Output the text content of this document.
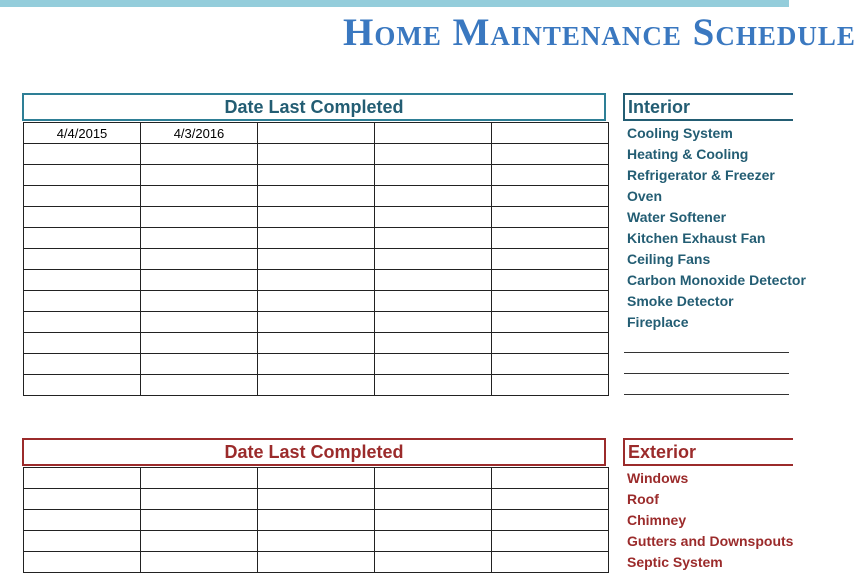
Home Maintenance Schedule
Date Last Completed
4/4/2015	4/3/2016			

Interior
Cooling System
Heating & Cooling
Refrigerator & Freezer
Oven
Water Softener
Kitchen Exhaust Fan
Ceiling Fans
Carbon Monoxide Detector
Smoke Detector
Fireplace
Date Last Completed

					Exterior
Windows
Roof
Chimney
Gutters and Downspouts
Septic System
